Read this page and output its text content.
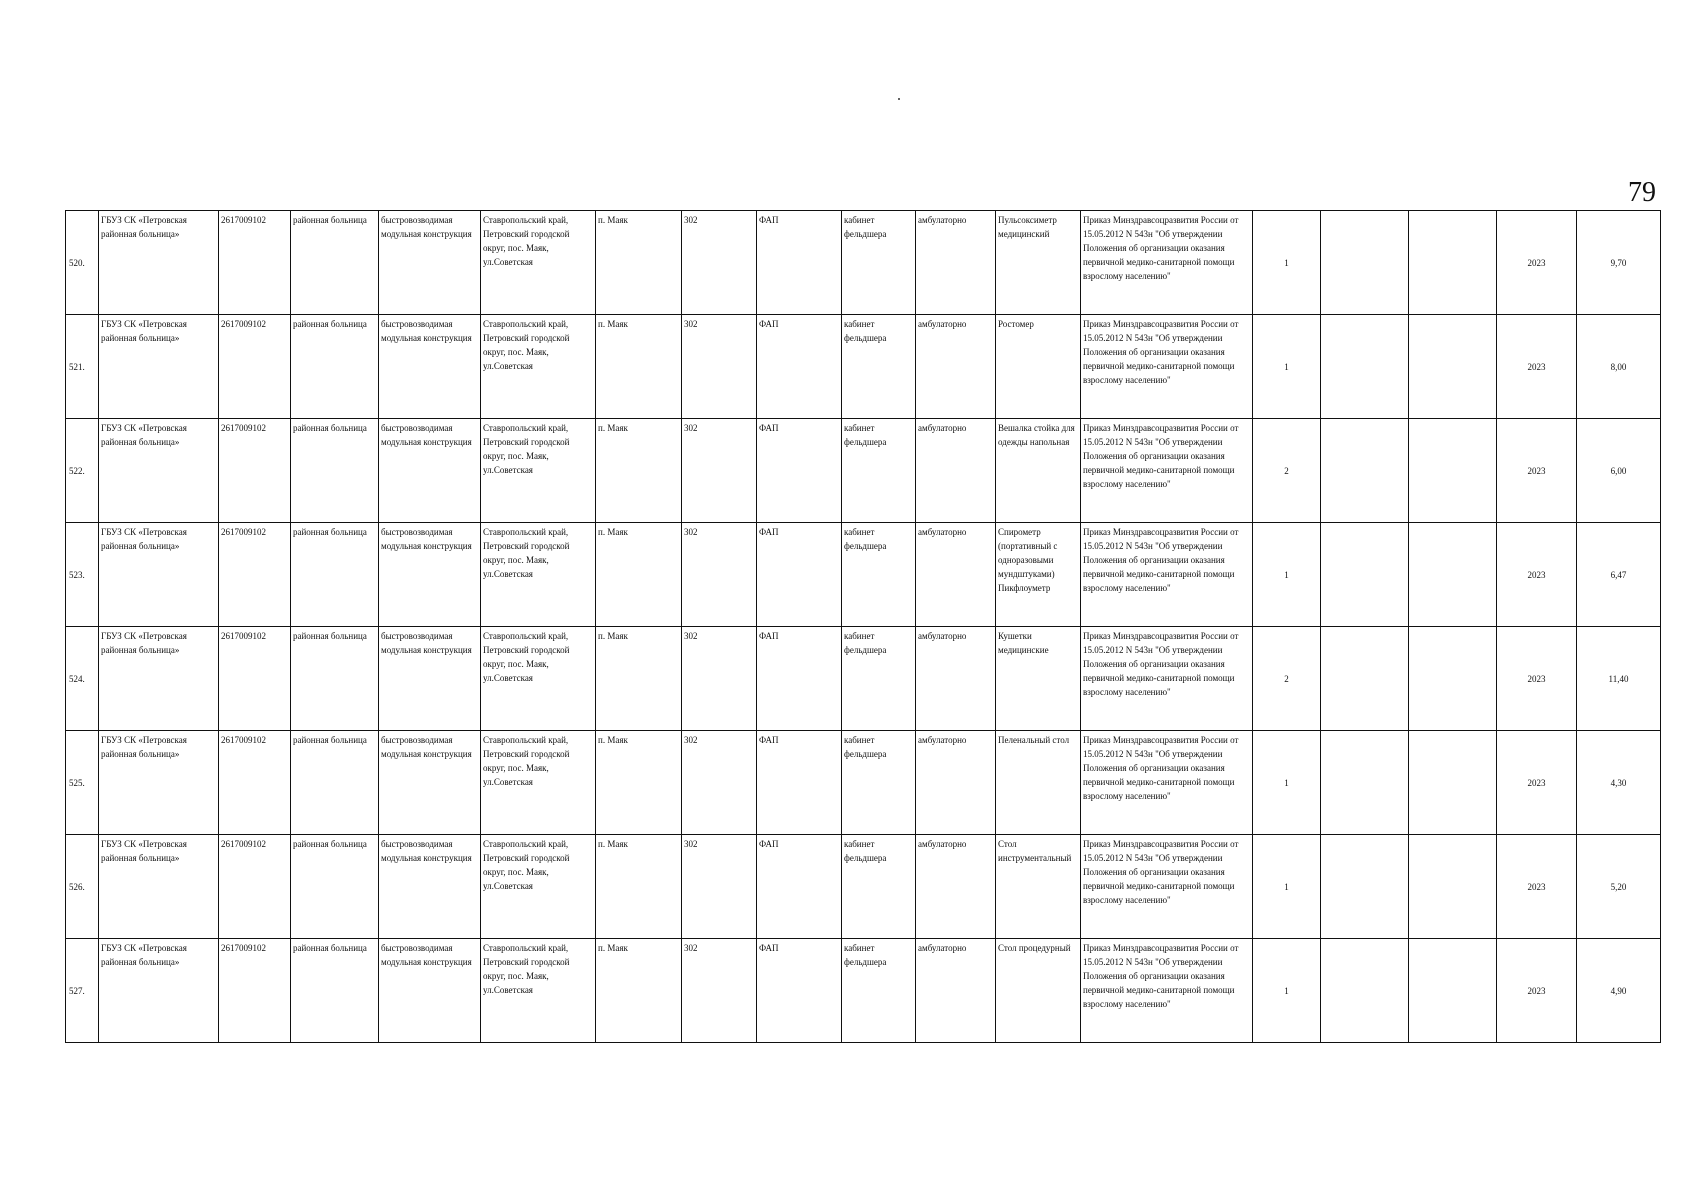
79
520.	ГБУЗ СК «Петровская районная больница»	2617009102	районная больница	быстровозводимая модульная конструкция	Ставропольский край, Петровский городской округ, пос. Маяк, ул.Советская	п. Маяк	302	ФАП	кабинет фельдшера	амбулаторно	Пульсоксиметр медицинский	Приказ Минздравсоцразвития России от 15.05.2012 N 543н "Об утверждении Положения об организации оказания первичной медико-санитарной помощи взрослому населению"	1			2023	9,70
521.	ГБУЗ СК «Петровская районная больница»	2617009102	районная больница	быстровозводимая модульная конструкция	Ставропольский край, Петровский городской округ, пос. Маяк, ул.Советская	п. Маяк	302	ФАП	кабинет фельдшера	амбулаторно	Ростомер	Приказ Минздравсоцразвития России от 15.05.2012 N 543н "Об утверждении Положения об организации оказания первичной медико-санитарной помощи взрослому населению"	1			2023	8,00
522.	ГБУЗ СК «Петровская районная больница»	2617009102	районная больница	быстровозводимая модульная конструкция	Ставропольский край, Петровский городской округ, пос. Маяк, ул.Советская	п. Маяк	302	ФАП	кабинет фельдшера	амбулаторно	Вешалка стойка для одежды напольная	Приказ Минздравсоцразвития России от 15.05.2012 N 543н "Об утверждении Положения об организации оказания первичной медико-санитарной помощи взрослому населению"	2			2023	6,00
523.	ГБУЗ СК «Петровская районная больница»	2617009102	районная больница	быстровозводимая модульная конструкция	Ставропольский край, Петровский городской округ, пос. Маяк, ул.Советская	п. Маяк	302	ФАП	кабинет фельдшера	амбулаторно	Спирометр (портативный с одноразовыми мундштуками) Пикфлоуметр	Приказ Минздравсоцразвития России от 15.05.2012 N 543н "Об утверждении Положения об организации оказания первичной медико-санитарной помощи взрослому населению"	1			2023	6,47
524.	ГБУЗ СК «Петровская районная больница»	2617009102	районная больница	быстровозводимая модульная конструкция	Ставропольский край, Петровский городской округ, пос. Маяк, ул.Советская	п. Маяк	302	ФАП	кабинет фельдшера	амбулаторно	Кушетки медицинские	Приказ Минздравсоцразвития России от 15.05.2012 N 543н "Об утверждении Положения об организации оказания первичной медико-санитарной помощи взрослому населению"	2			2023	11,40
525.	ГБУЗ СК «Петровская районная больница»	2617009102	районная больница	быстровозводимая модульная конструкция	Ставропольский край, Петровский городской округ, пос. Маяк, ул.Советская	п. Маяк	302	ФАП	кабинет фельдшера	амбулаторно	Пеленальный стол	Приказ Минздравсоцразвития России от 15.05.2012 N 543н "Об утверждении Положения об организации оказания первичной медико-санитарной помощи взрослому населению"	1			2023	4,30
526.	ГБУЗ СК «Петровская районная больница»	2617009102	районная больница	быстровозводимая модульная конструкция	Ставропольский край, Петровский городской округ, пос. Маяк, ул.Советская	п. Маяк	302	ФАП	кабинет фельдшера	амбулаторно	Стол инструментальный	Приказ Минздравсоцразвития России от 15.05.2012 N 543н "Об утверждении Положения об организации оказания первичной медико-санитарной помощи взрослому населению"	1			2023	5,20
527.	ГБУЗ СК «Петровская районная больница»	2617009102	районная больница	быстровозводимая модульная конструкция	Ставропольский край, Петровский городской округ, пос. Маяк, ул.Советская	п. Маяк	302	ФАП	кабинет фельдшера	амбулаторно	Стол процедурный	Приказ Минздравсоцразвития России от 15.05.2012 N 543н "Об утверждении Положения об организации оказания первичной медико-санитарной помощи взрослому населению"	1			2023	4,90
